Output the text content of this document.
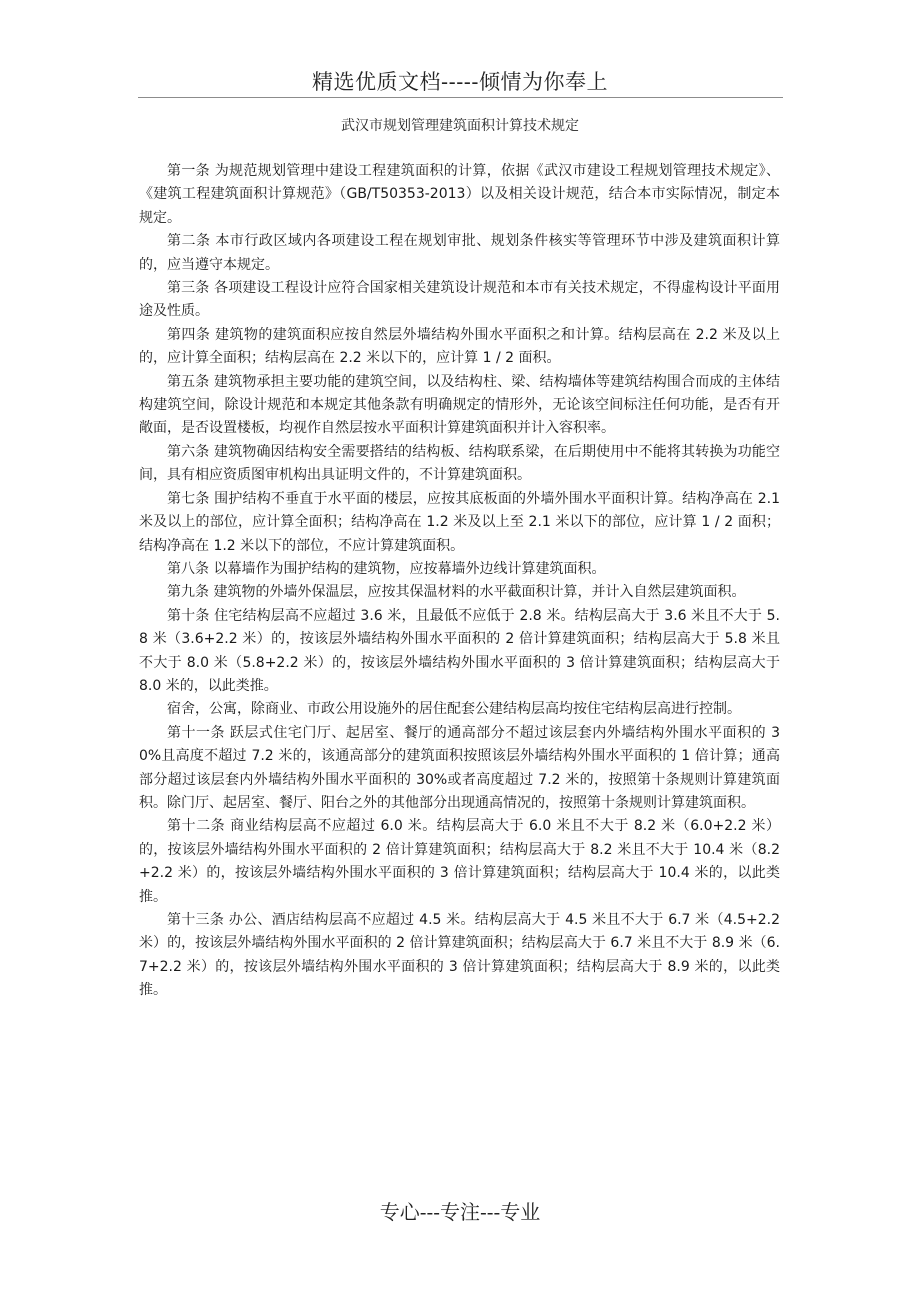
精选优质文档-----倾情为你奉上
武汉市规划管理建筑面积计算技术规定

第一条 为规范规划管理中建设工程建筑面积的计算，依据《武汉市建设工程规划管理技术规定》、《建筑工程建筑面积计算规范》（GB/T50353-2013）以及相关设计规范，结合本市实际情况，制定本规定。

第二条 本市行政区域内各项建设工程在规划审批、规划条件核实等管理环节中涉及建筑面积计算的，应当遵守本规定。

第三条 各项建设工程设计应符合国家相关建筑设计规范和本市有关技术规定，不得虚构设计平面用途及性质。

第四条 建筑物的建筑面积应按自然层外墙结构外围水平面积之和计算。结构层高在 2.2 米及以上的，应计算全面积；结构层高在 2.2 米以下的，应计算 1 / 2 面积。

第五条 建筑物承担主要功能的建筑空间，以及结构柱、梁、结构墙体等建筑结构围合而成的主体结构建筑空间，除设计规范和本规定其他条款有明确规定的情形外，无论该空间标注任何功能，是否有开敞面，是否设置楼板，均视作自然层按水平面积计算建筑面积并计入容积率。

第六条 建筑物确因结构安全需要搭结的结构板、结构联系梁，在后期使用中不能将其转换为功能空间，具有相应资质图审机构出具证明文件的，不计算建筑面积。

第七条 围护结构不垂直于水平面的楼层，应按其底板面的外墙外围水平面积计算。结构净高在 2.1 米及以上的部位，应计算全面积；结构净高在 1.2 米及以上至 2.1 米以下的部位，应计算 1 / 2 面积；结构净高在 1.2 米以下的部位，不应计算建筑面积。

第八条 以幕墙作为围护结构的建筑物，应按幕墙外边线计算建筑面积。

第九条 建筑物的外墙外保温层，应按其保温材料的水平截面积计算，并计入自然层建筑面积。

第十条 住宅结构层高不应超过 3.6 米，且最低不应低于 2.8 米。结构层高大于 3.6 米且不大于 5.8 米（3.6+2.2 米）的，按该层外墙结构外围水平面积的 2 倍计算建筑面积；结构层高大于 5.8 米且不大于 8.0 米（5.8+2.2 米）的，按该层外墙结构外围水平面积的 3 倍计算建筑面积；结构层高大于 8.0 米的，以此类推。

宿舍，公寓，除商业、市政公用设施外的居住配套公建结构层高均按住宅结构层高进行控制。

第十一条 跃层式住宅门厅、起居室、餐厅的通高部分不超过该层套内外墙结构外围水平面积的 30%且高度不超过 7.2 米的，该通高部分的建筑面积按照该层外墙结构外围水平面积的 1 倍计算；通高部分超过该层套内外墙结构外围水平面积的 30%或者高度超过 7.2 米的，按照第十条规则计算建筑面积。除门厅、起居室、餐厅、阳台之外的其他部分出现通高情况的，按照第十条规则计算建筑面积。

第十二条 商业结构层高不应超过 6.0 米。结构层高大于 6.0 米且不大于 8.2 米（6.0+2.2 米）的，按该层外墙结构外围水平面积的 2 倍计算建筑面积；结构层高大于 8.2 米且不大于 10.4 米（8.2+2.2 米）的，按该层外墙结构外围水平面积的 3 倍计算建筑面积；结构层高大于 10.4 米的，以此类推。

第十三条 办公、酒店结构层高不应超过 4.5 米。结构层高大于 4.5 米且不大于 6.7 米（4.5+2.2 米）的，按该层外墙结构外围水平面积的 2 倍计算建筑面积；结构层高大于 6.7 米且不大于 8.9 米（6.7+2.2 米）的，按该层外墙结构外围水平面积的 3 倍计算建筑面积；结构层高大于 8.9 米的，以此类推。

专心---专注---专业
